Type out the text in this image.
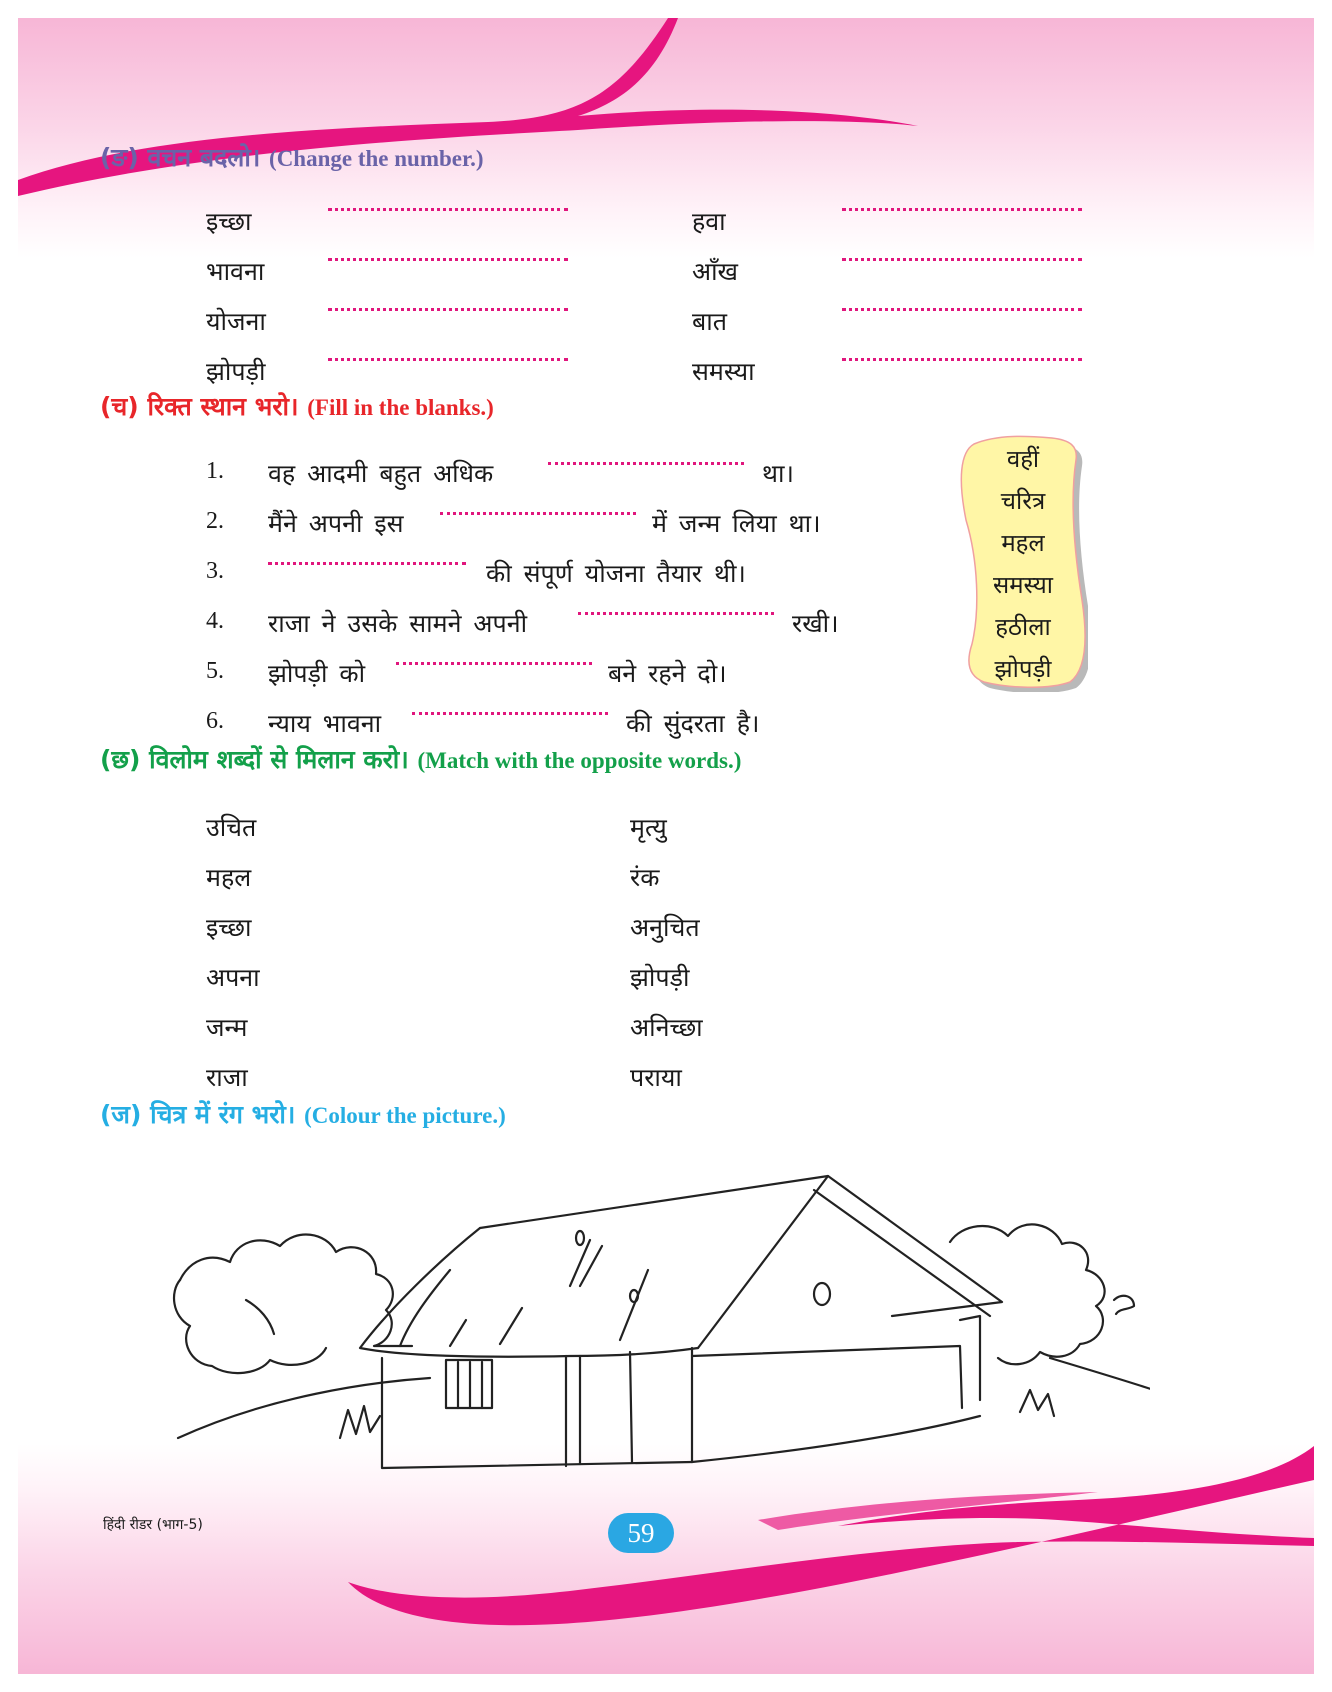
(ङ) वचन बदलो। (Change the number.)
इच्छा	हवा
भावना	आँख
योजना	बात
झोपड़ी	समस्या
(च) रिक्त स्थान भरो। (Fill in the blanks.)
1. वह आदमी बहुत अधिक	था।
2. मैंने अपनी इस	में जन्म लिया था।
3.	की संपूर्ण योजना तैयार थी।
4. राजा ने उसके सामने अपनी	रखी।
5. झोपड़ी को	बने रहने दो।
6. न्याय भावना	की सुंदरता है।
वहीं
चरित्र
महल
समस्या
हठीला
झोपड़ी
(छ) विलोम शब्दों से मिलान करो। (Match with the opposite words.)
उचित	मृत्यु
महल	रंक
इच्छा	अनुचित
अपना	झोपड़ी
जन्म	अनिच्छा
राजा	पराया
(ज) चित्र में रंग भरो। (Colour the picture.)
हिंदी रीडर (भाग-5)	59
